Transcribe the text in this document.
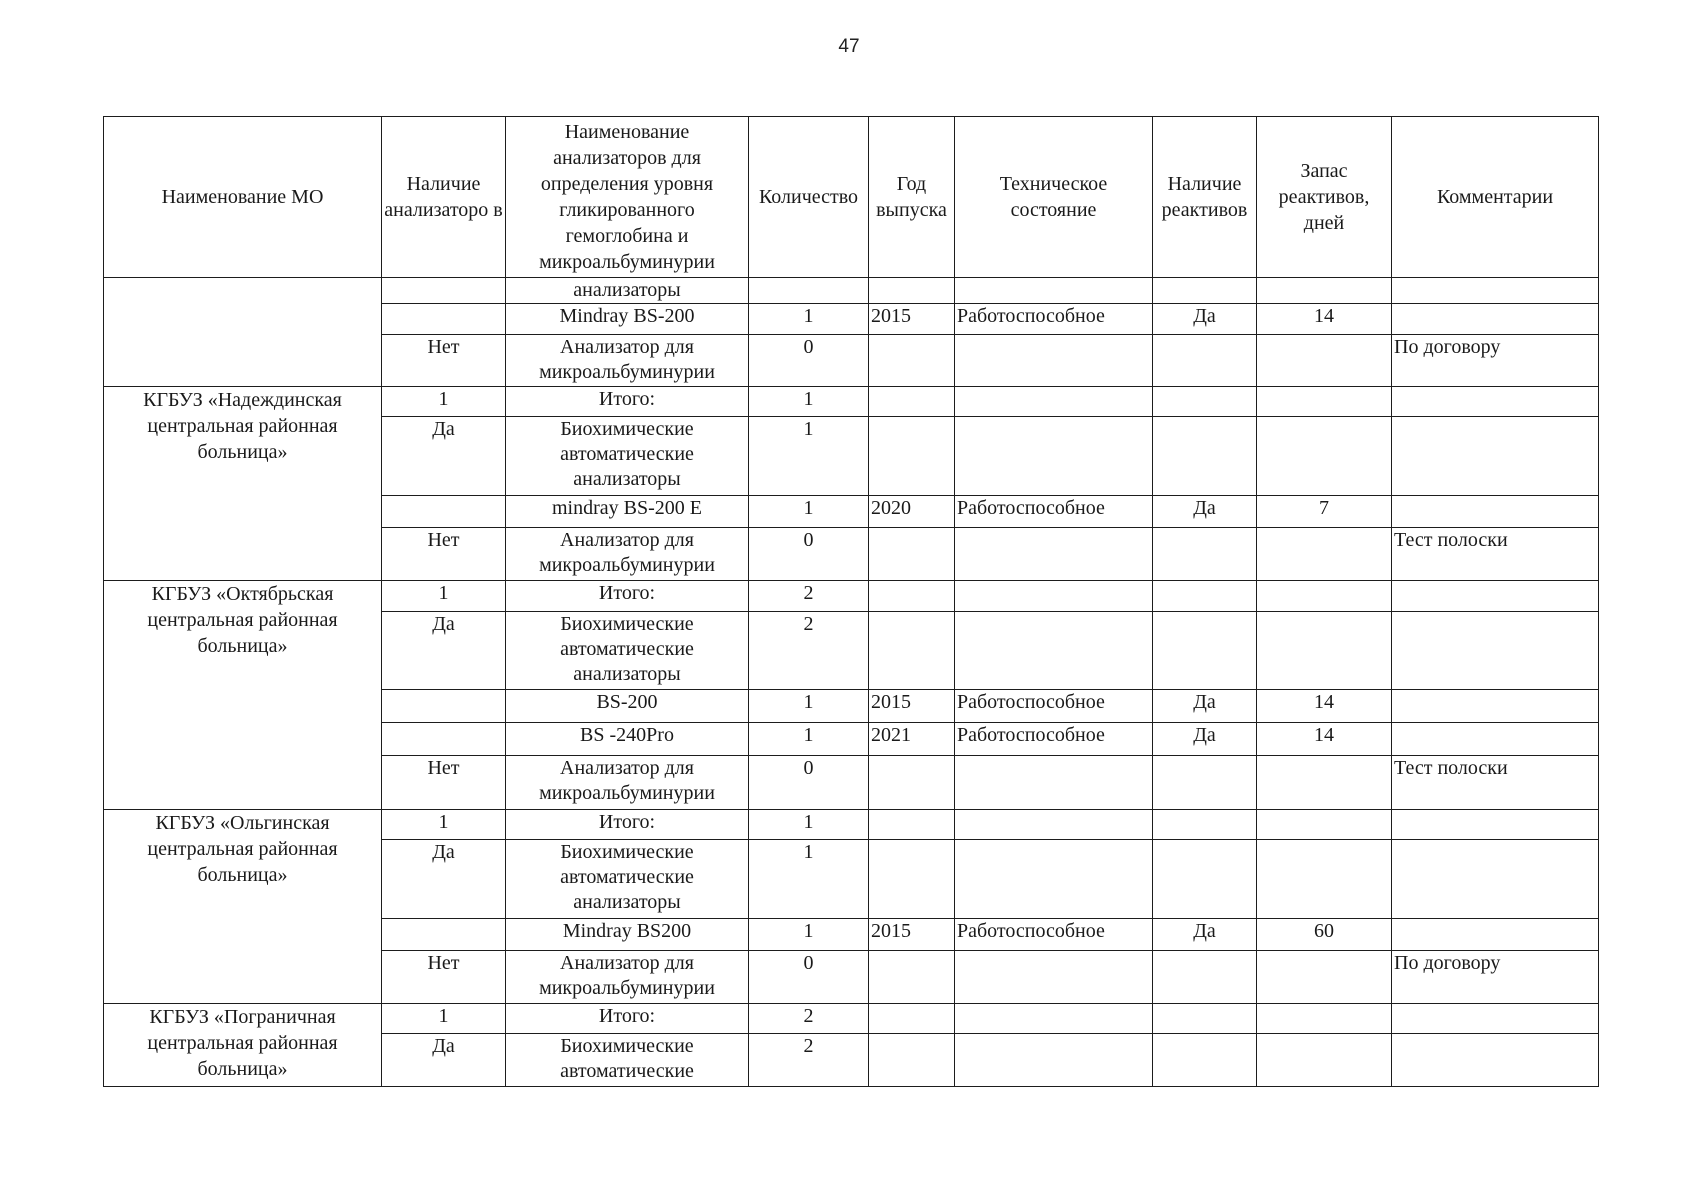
47
Наименование МО	Наличие анализаторо в	Наименование анализаторов для определения уровня гликированного гемоглобина и микроальбуминурии	Количество	Год выпуска	Техническое состояние	Наличие реактивов	Запас реактивов, дней	Комментарии
		анализаторы						
		Mindray BS-200	1	2015	Работоспособное	Да	14	
	Нет	Анализатор для микроальбуминурии	0					По договору
КГБУЗ «Надеждинская центральная районная больница»	1	Итого:	1					
	Да	Биохимические автоматические анализаторы	1					
		mindray BS-200 E	1	2020	Работоспособное	Да	7	
	Нет	Анализатор для микроальбуминурии	0					Тест полоски
КГБУЗ «Октябрьская центральная районная больница»	1	Итого:	2					
	Да	Биохимические автоматические анализаторы	2					
		BS-200	1	2015	Работоспособное	Да	14	
		BS -240Pro	1	2021	Работоспособное	Да	14	
	Нет	Анализатор для микроальбуминурии	0					Тест полоски
КГБУЗ «Ольгинская центральная районная больница»	1	Итого:	1					
	Да	Биохимические автоматические анализаторы	1					
		Mindray BS200	1	2015	Работоспособное	Да	60	
	Нет	Анализатор для микроальбуминурии	0					По договору
КГБУЗ «Пограничная центральная районная больница»	1	Итого:	2					
	Да	Биохимические автоматические	2					
